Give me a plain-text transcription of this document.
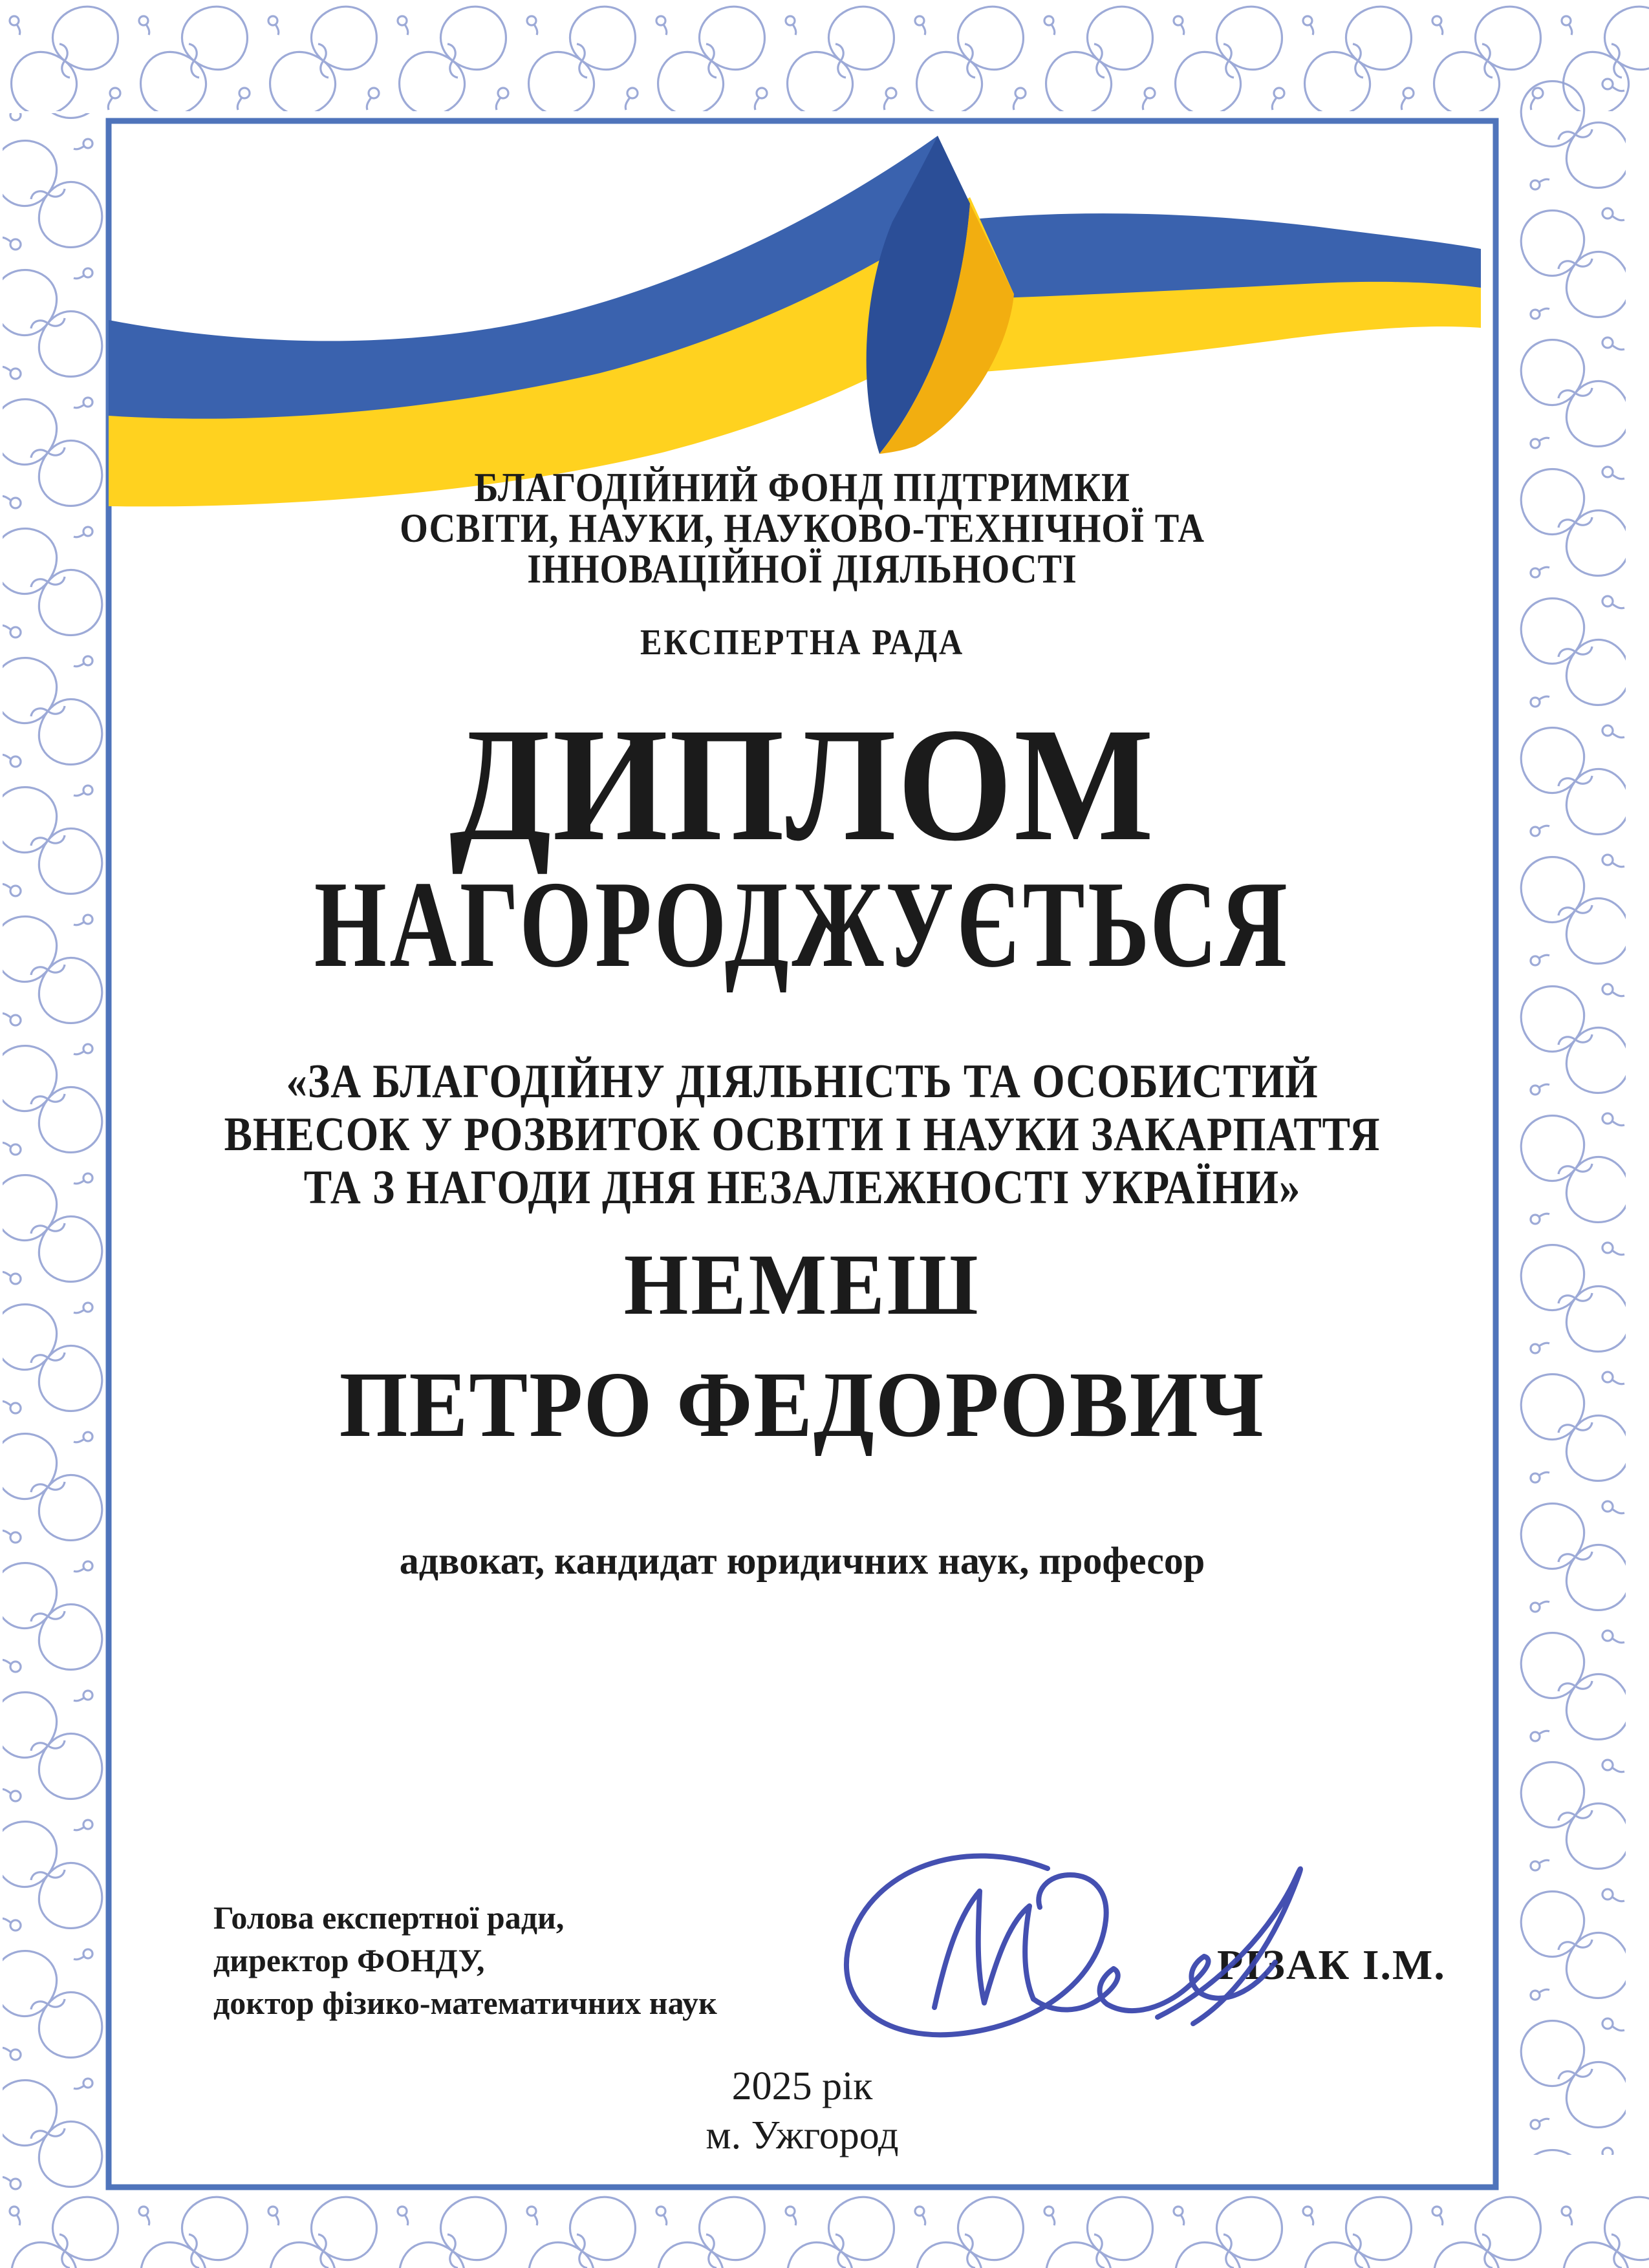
БЛАГОДІЙНИЙ ФОНД ПІДТРИМКИ
ОСВІТИ, НАУКИ, НАУКОВО-ТЕХНІЧНОЇ ТА
ІННОВАЦІЙНОЇ ДІЯЛЬНОСТІ
ЕКСПЕРТНА РАДА
ДИПЛОМ
НАГОРОДЖУЄТЬСЯ
«ЗА БЛАГОДІЙНУ ДІЯЛЬНІСТЬ ТА ОСОБИСТИЙ
ВНЕСОК У РОЗВИТОК ОСВІТИ І НАУКИ ЗАКАРПАТТЯ
ТА З НАГОДИ ДНЯ НЕЗАЛЕЖНОСТІ УКРАЇНИ»
НЕМЕШ
ПЕТРО ФЕДОРОВИЧ
адвокат, кандидат юридичних наук, професор
Голова експертної ради,
директор ФОНДУ,
доктор фізико-математичних наук
РІЗАК І.М.
2025 рік
м. Ужгород
